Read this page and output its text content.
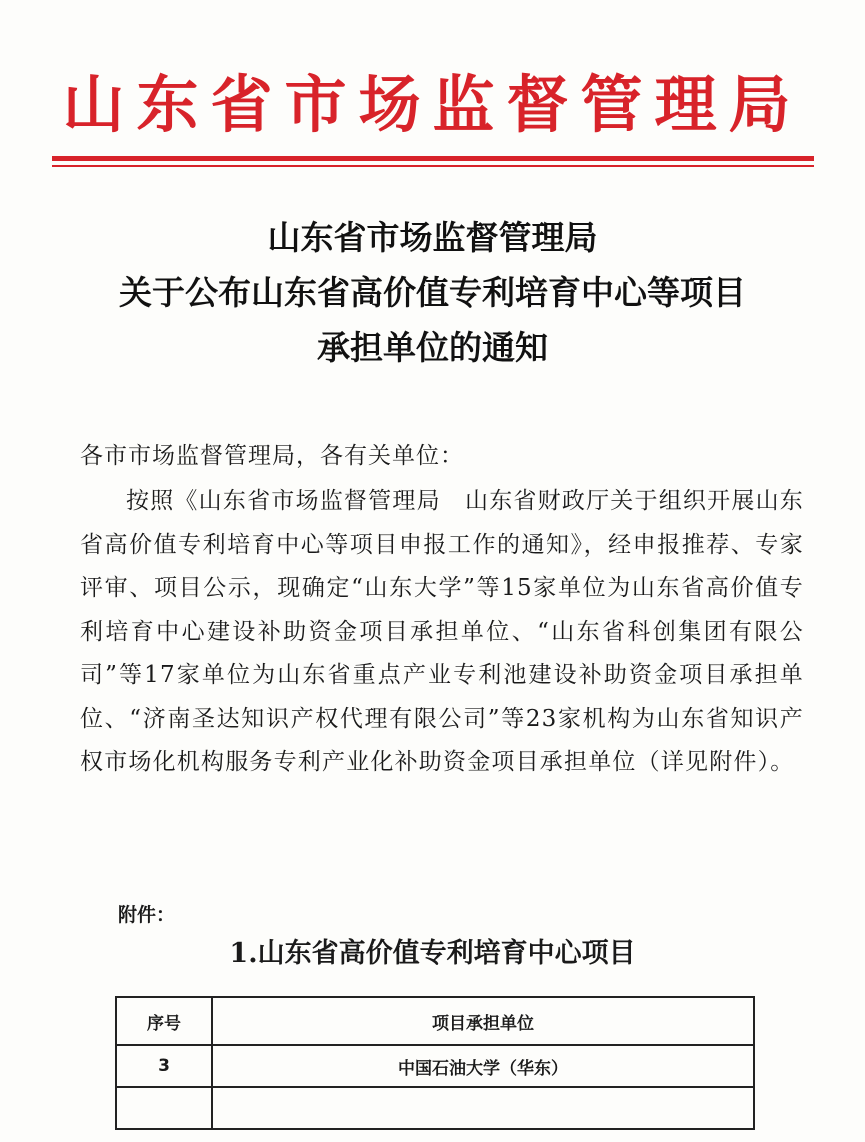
山东省市场监督管理局
山东省市场监督管理局
关于公布山东省高价值专利培育中心等项目
承担单位的通知
各市市场监督管理局，各有关单位：
按照《山东省市场监督管理局　山东省财政厅关于组织开展山东省高价值专利培育中心等项目申报工作的通知》，经申报推荐、专家评审、项目公示，现确定“山东大学”等15家单位为山东省高价值专利培育中心建设补助资金项目承担单位、“山东省科创集团有限公司”等17家单位为山东省重点产业专利池建设补助资金项目承担单位、“济南圣达知识产权代理有限公司”等23家机构为山东省知识产权市场化机构服务专利产业化补助资金项目承担单位（详见附件）。
附件：
1.山东省高价值专利培育中心项目
序号	项目承担单位
3	中国石油大学（华东）
